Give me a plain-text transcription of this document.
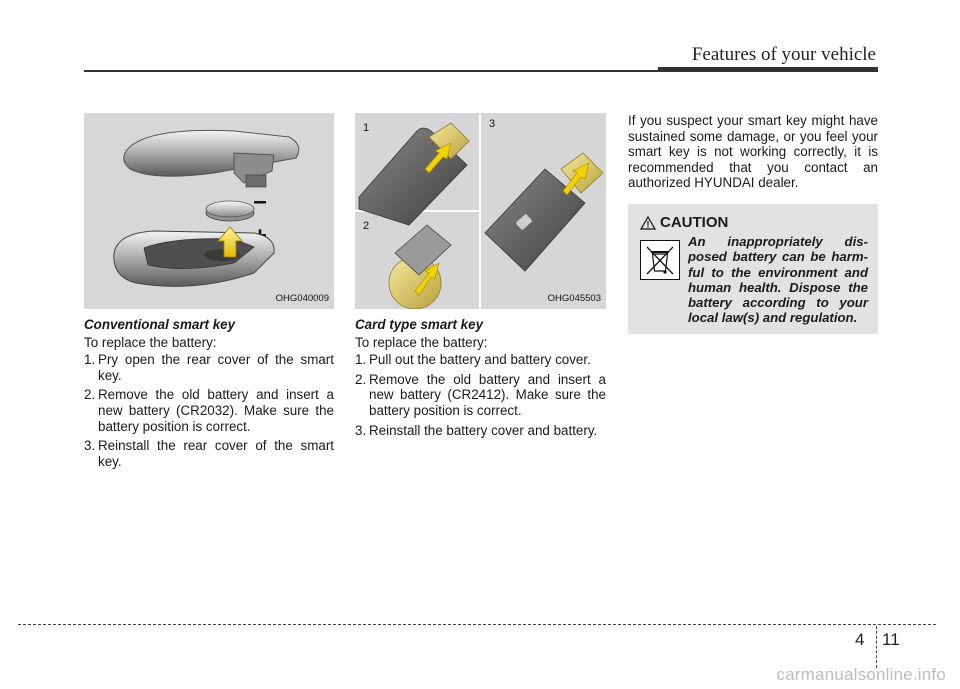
Features of your vehicle
OHG040009
Conventional smart key
To replace the battery:
1. Pry open the rear cover of the smart key.
2. Remove the old battery and insert a new battery (CR2032). Make sure the battery position is correct.
3. Reinstall the rear cover of the smart key.
1
2
3
OHG045503
Card type smart key
To replace the battery:
1. Pull out the battery and battery cover.
2. Remove the old battery and insert a new battery (CR2412). Make sure the battery position is correct.
3. Reinstall the battery cover and battery.

If you suspect your smart key might have sustained some damage, or you feel your smart key is not working correctly, it is recommended that you contact an authorized HYUNDAI dealer.

CAUTION
An inappropriately dis-posed battery can be harm-ful to the environment and human health. Dispose the battery according to your local law(s) and regulation.
4 11
carmanualsonline.info
